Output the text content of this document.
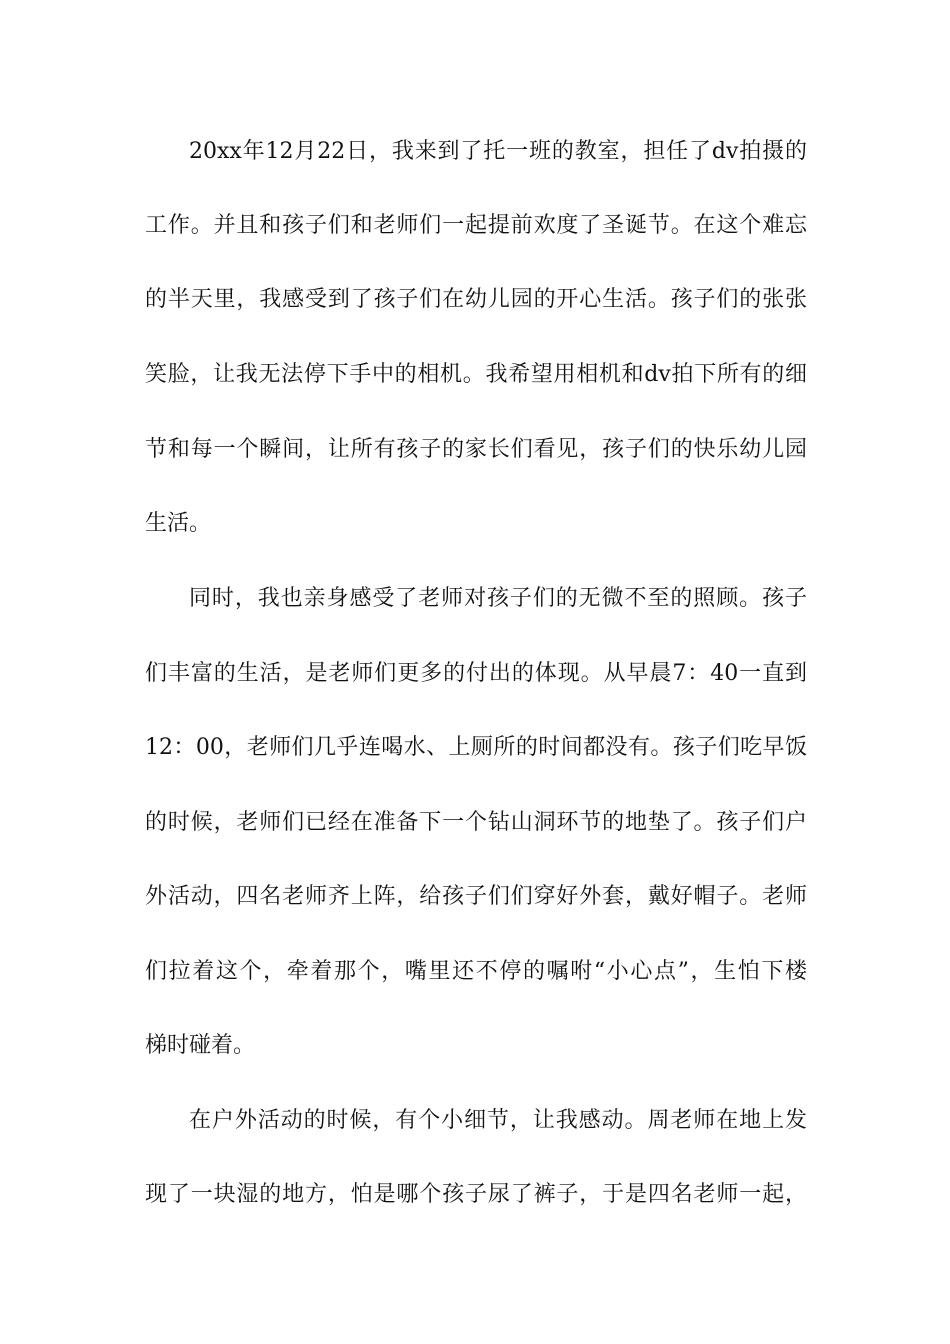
20xx年12月22日，我来到了托一班的教室，担任了dv拍摄的

工作。并且和孩子们和老师们一起提前欢度了圣诞节。在这个难忘

的半天里，我感受到了孩子们在幼儿园的开心生活。孩子们的张张

笑脸，让我无法停下手中的相机。我希望用相机和dv拍下所有的细

节和每一个瞬间，让所有孩子的家长们看见，孩子们的快乐幼儿园

生活。

同时，我也亲身感受了老师对孩子们的无微不至的照顾。孩子

们丰富的生活，是老师们更多的付出的体现。从早晨7：40一直到

12：00，老师们几乎连喝水、上厕所的时间都没有。孩子们吃早饭

的时候，老师们已经在准备下一个钻山洞环节的地垫了。孩子们户

外活动，四名老师齐上阵，给孩子们们穿好外套，戴好帽子。老师

们拉着这个，牵着那个，嘴里还不停的嘱咐“小心点”，生怕下楼

梯时碰着。

在户外活动的时候，有个小细节，让我感动。周老师在地上发

现了一块湿的地方，怕是哪个孩子尿了裤子，于是四名老师一起，
